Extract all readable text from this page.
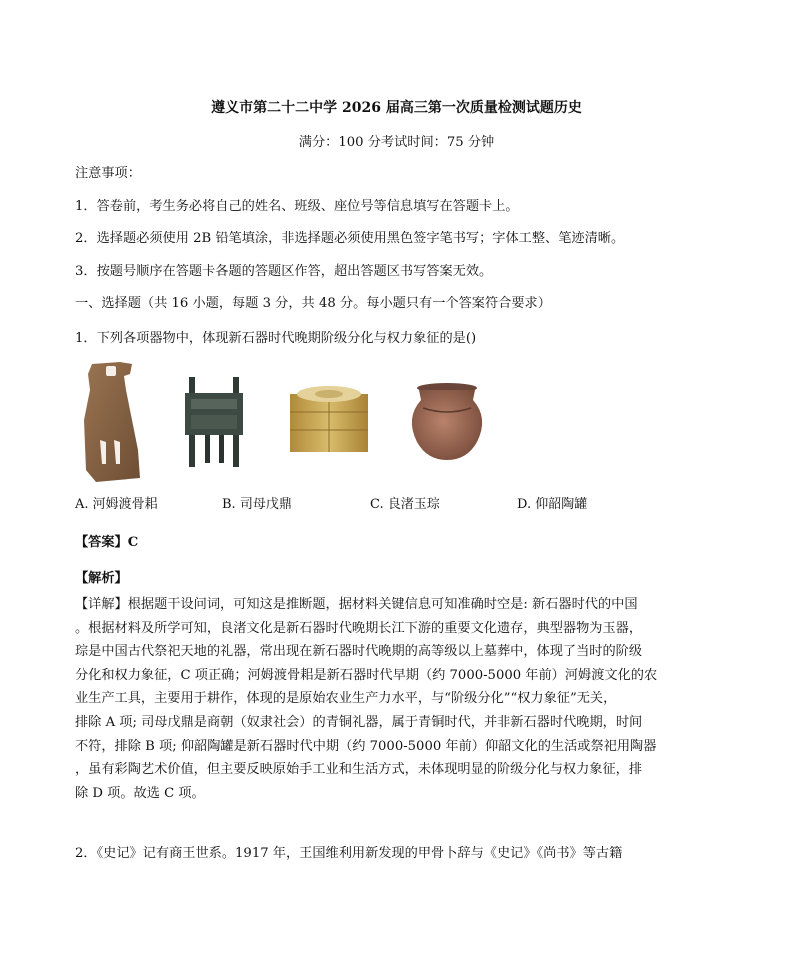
遵义市第二十二中学 2026 届高三第一次质量检测试题历史
满分：100 分考试时间：75 分钟
注意事项：
1．答卷前，考生务必将自己的姓名、班级、座位号等信息填写在答题卡上。
2．选择题必须使用 2B 铅笔填涂，非选择题必须使用黑色签字笔书写；字体工整、笔迹清晰。
3．按题号顺序在答题卡各题的答题区作答，超出答题区书写答案无效。
一、选择题（共 16 小题，每题 3 分，共 48 分。每小题只有一个答案符合要求）
1．下列各项器物中，体现新石器时代晚期阶级分化与权力象征的是()
A. 河姆渡骨耜	B. 司母戊鼎	C. 良渚玉琮	D. 仰韶陶罐
【答案】C
【解析】
【详解】根据题干设问词，可知这是推断题，据材料关键信息可知准确时空是: 新石器时代的中国
。根据材料及所学可知，良渚文化是新石器时代晚期长江下游的重要文化遗存，典型器物为玉器，
琮是中国古代祭祀天地的礼器，常出现在新石器时代晚期的高等级以上墓葬中，体现了当时的阶级
分化和权力象征，C 项正确；河姆渡骨耜是新石器时代早期（约 7000-5000 年前）河姆渡文化的农
业生产工具，主要用于耕作，体现的是原始农业生产力水平，与“阶级分化”“权力象征”无关，
排除 A 项; 司母戊鼎是商朝（奴隶社会）的青铜礼器，属于青铜时代，并非新石器时代晚期，时间
不符，排除 B 项; 仰韶陶罐是新石器时代中期（约 7000-5000 年前）仰韶文化的生活或祭祀用陶器
，虽有彩陶艺术价值，但主要反映原始手工业和生活方式，未体现明显的阶级分化与权力象征，排
除 D 项。故选 C 项。
2．《史记》记有商王世系。1917 年，王国维利用新发现的甲骨卜辞与《史记》《尚书》等古籍
